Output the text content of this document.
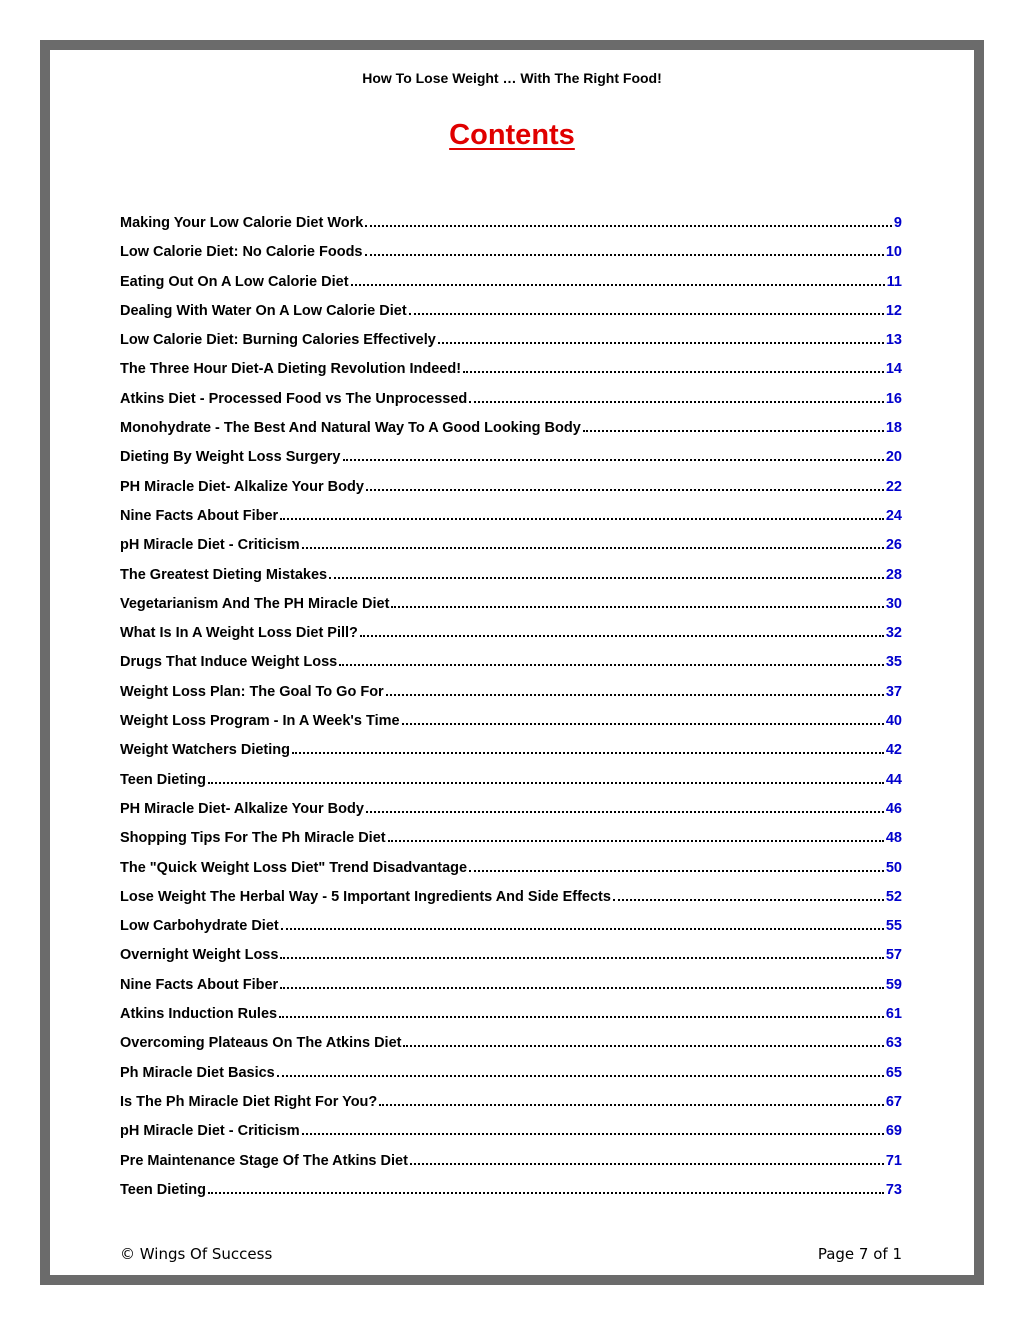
How To Lose Weight … With The Right Food!
Contents
Making Your Low Calorie Diet Work	9
Low Calorie Diet: No Calorie Foods	10
Eating Out On A Low Calorie Diet	11
Dealing With Water On A Low Calorie Diet	12
Low Calorie Diet: Burning Calories Effectively	13
The Three Hour Diet-A Dieting Revolution Indeed!	14
Atkins Diet - Processed Food vs The Unprocessed	16
Monohydrate - The Best And Natural Way To A Good Looking Body	18
Dieting By Weight Loss Surgery	20
PH Miracle Diet- Alkalize Your Body	22
Nine Facts About Fiber	24
pH Miracle Diet - Criticism	26
The Greatest Dieting Mistakes	28
Vegetarianism And The PH Miracle Diet	30
What Is In A Weight Loss Diet Pill?	32
Drugs That Induce Weight Loss	35
Weight Loss Plan: The Goal To Go For	37
Weight Loss Program - In A Week's Time	40
Weight Watchers Dieting	42
Teen Dieting	44
PH Miracle Diet- Alkalize Your Body	46
Shopping Tips For The Ph Miracle Diet	48
The "Quick Weight Loss Diet" Trend Disadvantage	50
Lose Weight The Herbal Way - 5 Important Ingredients And Side Effects	52
Low Carbohydrate Diet	55
Overnight Weight Loss	57
Nine Facts About Fiber	59
Atkins Induction Rules	61
Overcoming Plateaus On The Atkins Diet	63
Ph Miracle Diet Basics	65
Is The Ph Miracle Diet Right For You?	67
pH Miracle Diet - Criticism	69
Pre Maintenance Stage Of The Atkins Diet	71
Teen Dieting	73
© Wings Of Success	Page 7 of 1
